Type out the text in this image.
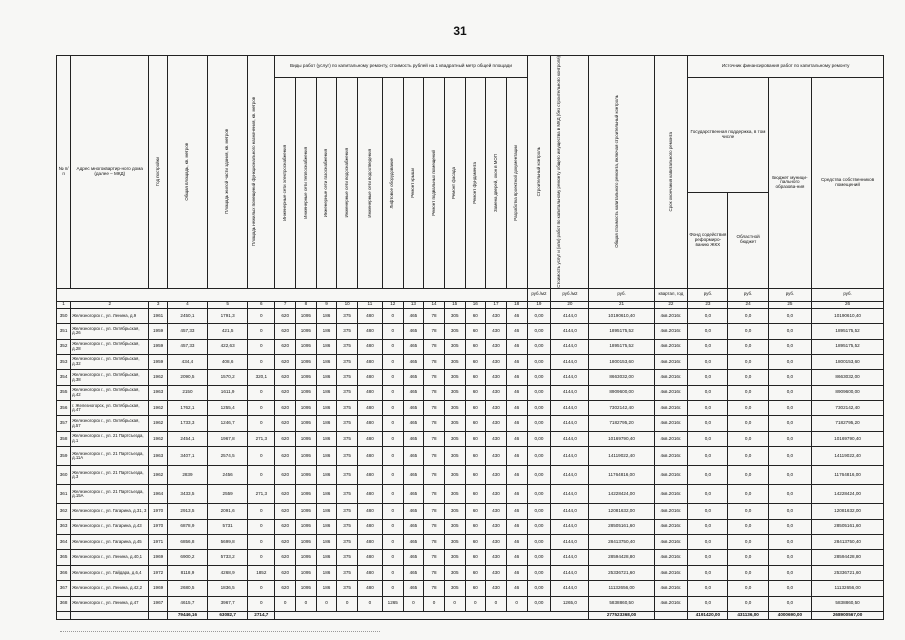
31
№ п/п	Адрес многоквартир-ного дома (далее – МКД)	Год постройки	Общая площадь, кв. метров	Площадь жилой части здания, кв. метров	Площадь нежилых помещений функционального назначения, кв. метров	Виды работ (услуг) по капитальному ремонту, стоимость рублей на 1 квадратный метр общей площади												Строительный контроль	Стоимость услуг и (или) работ по капитальному ремонту общего имущества в МКД (без строительного контроля)	Общая стоимость капитального ремонта, включая строительный контроль	Срок окончания капитального ремонта	Источник финансирования работ по капитальному ремонту			

						Инженерные сети электроснабжения	Инженерные сети теплоснабжения	Инженерные сети газоснабжения	Инженерные сети водоснабжения	Инженерные сети водоотведения	Лифтовое оборудование	Ремонт крыши	Ремонт подвальных помещений	Ремонт фасада	Ремонт фундамента	Замена дверей, окон в МОП	Разработка проектной документации					Государственная поддержка, в том числе		Бюджет муници-пального образова-ния	Средства собственников помещений
																						Фонд содействия реформиро-ванию ЖКХ	Областной бюджет		
																		руб./м2	руб./м2	руб.	квартал, год	руб.	руб.	руб.	руб.
1	2	3	4	5	6	7	8	9	10	11	12	13	14	15	16	17	18	19	20	21	22	23	24	25	26
350	Железногорск г., ул. Ленина, д.9	1961	2450,1	1791,3	0	620	1095	186	375	480	0	465	78	305	60	430	46	0,00	4144,0	10190610,40	4кв.2016г.	0,0	0,0	0,0	10190610,40
351	Железногорск г., ул. Октябрьская, д.26	1959	457,33	421,5	0	620	1095	186	375	480	0	465	78	305	60	430	46	0,00	4144,0	1895175,52	4кв.2016г.	0,0	0,0	0,0	1895175,52
352	Железногорск г., ул. Октябрьская, д.28	1959	457,33	422,63	0	620	1095	186	375	480	0	465	78	305	60	430	46	0,00	4144,0	1895175,52	4кв.2016г.	0,0	0,0	0,0	1895175,52
353	Железногорск г., ул. Октябрьская, д.32	1959	434,4	408,6	0	620	1095	186	375	480	0	465	78	305	60	430	46	0,00	4144,0	1800153,60	4кв.2016г.	0,0	0,0	0,0	1800153,60
354	Железногорск г., ул. Октябрьская, д.38	1962	2090,5	1570,2	320,1	620	1095	186	375	480	0	465	78	305	60	430	46	0,00	4144,0	8663032,00	4кв.2016г.	0,0	0,0	0,0	8663032,00
355	Железногорск г., ул. Октябрьская, д.42	1963	2150	1611,9	0	620	1095	186	375	480	0	465	78	305	60	430	46	0,00	4144,0	8909600,00	4кв.2016г.	0,0	0,0	0,0	8909600,00
356	г. Железногорск, ул. Октябрьская, д.47	1962	1762,1	1255,4	0	620	1095	186	375	480	0	465	78	305	60	430	46	0,00	4144,0	7302142,40	4кв.2016г.	0,0	0,0	0,0	7302142,40
357	Железногорск г., ул. Октябрьская, д.57	1962	1733,3	1246,7	0	620	1095	186	375	480	0	465	78	305	60	430	46	0,00	4144,0	7182795,20	4кв.2016г.	0,0	0,0	0,0	7182795,20
358	Железногорск г., ул. 21 Партсъезда, д.1	1962	2454,1	1967,8	271,3	620	1095	186	375	480	0	465	78	305	60	430	46	0,00	4144,0	10169790,40	4кв.2016г.	0,0	0,0	0,0	10169790,40
359	Железногорск г., ул. 21 Партсъезда, д.11А	1963	3407,1	2574,5	0	620	1095	186	375	480	0	465	78	305	60	430	46	0,00	4144,0	14119022,40	4кв.2016г.	0,0	0,0	0,0	14119022,40
360	Железногорск г., ул. 21 Партсъезда, д.3	1962	2839	2456	0	620	1095	186	375	480	0	465	78	305	60	430	46	0,00	4144,0	11764816,00	4кв.2016г.	0,0	0,0	0,0	11764816,00
361	Железногорск г., ул. 21 Партсъезда, д.15А	1964	3433,5	2559	271,3	620	1095	186	375	480	0	465	78	305	60	430	46	0,00	4144,0	14228424,00	4кв.2016г.	0,0	0,0	0,0	14228424,00
362	Железногорск г., ул. Гагарина, д.31, 3	1970	2913,5	2091,6	0	620	1095	186	375	480	0	465	78	305	60	430	46	0,00	4144,0	12081632,00	4кв.2016г.	0,0	0,0	0,0	12081632,00
363	Железногорск г., ул. Гагарина, д.43	1970	6878,9	5731	0	620	1095	186	375	480	0	465	78	305	60	430	46	0,00	4144,0	28505161,60	4кв.2016г.	0,0	0,0	0,0	28505161,60
364	Железногорск г., ул. Гагарина, д.45	1971	6856,8	5699,8	0	620	1095	186	375	480	0	465	78	305	60	430	46	0,00	4144,0	28413750,40	4кв.2016г.	0,0	0,0	0,0	28413750,40
365	Железногорск г., ул. Ленина, д.40,1	1969	6900,2	5733,2	0	620	1095	186	375	480	0	465	78	305	60	430	46	0,00	4144,0	28594428,80	4кв.2016г.	0,0	0,0	0,0	28594428,80
366	Железногорск г., ул. Гайдара, д.6,4	1972	8118,9	4268,9	1852	620	1095	186	375	480	0	465	78	305	60	430	46	0,00	4144,0	25336721,60	4кв.2016г.	0,0	0,0	0,0	25336721,60
367	Железногорск г., ул. Ленина, д.42,2	1969	2680,5	1836,5	0	620	1095	186	375	480	0	465	78	305	60	430	46	0,00	4144,0	11132656,00	4кв.2016г.	0,0	0,0	0,0	11132656,00
368	Железногорск г., ул. Ленина, д.47	1967	4615,7	3967,7	0	0	0	0	0	0	1265	0	0	0	0	0	0	0,00	1265,0	5838860,50	4кв.2016г.	0,0	0,0	0,0	5838860,50
			79446,16	63082,7	2714,7															277523368,00		4191420,00	431136,00	4000690,00	268900567,00
